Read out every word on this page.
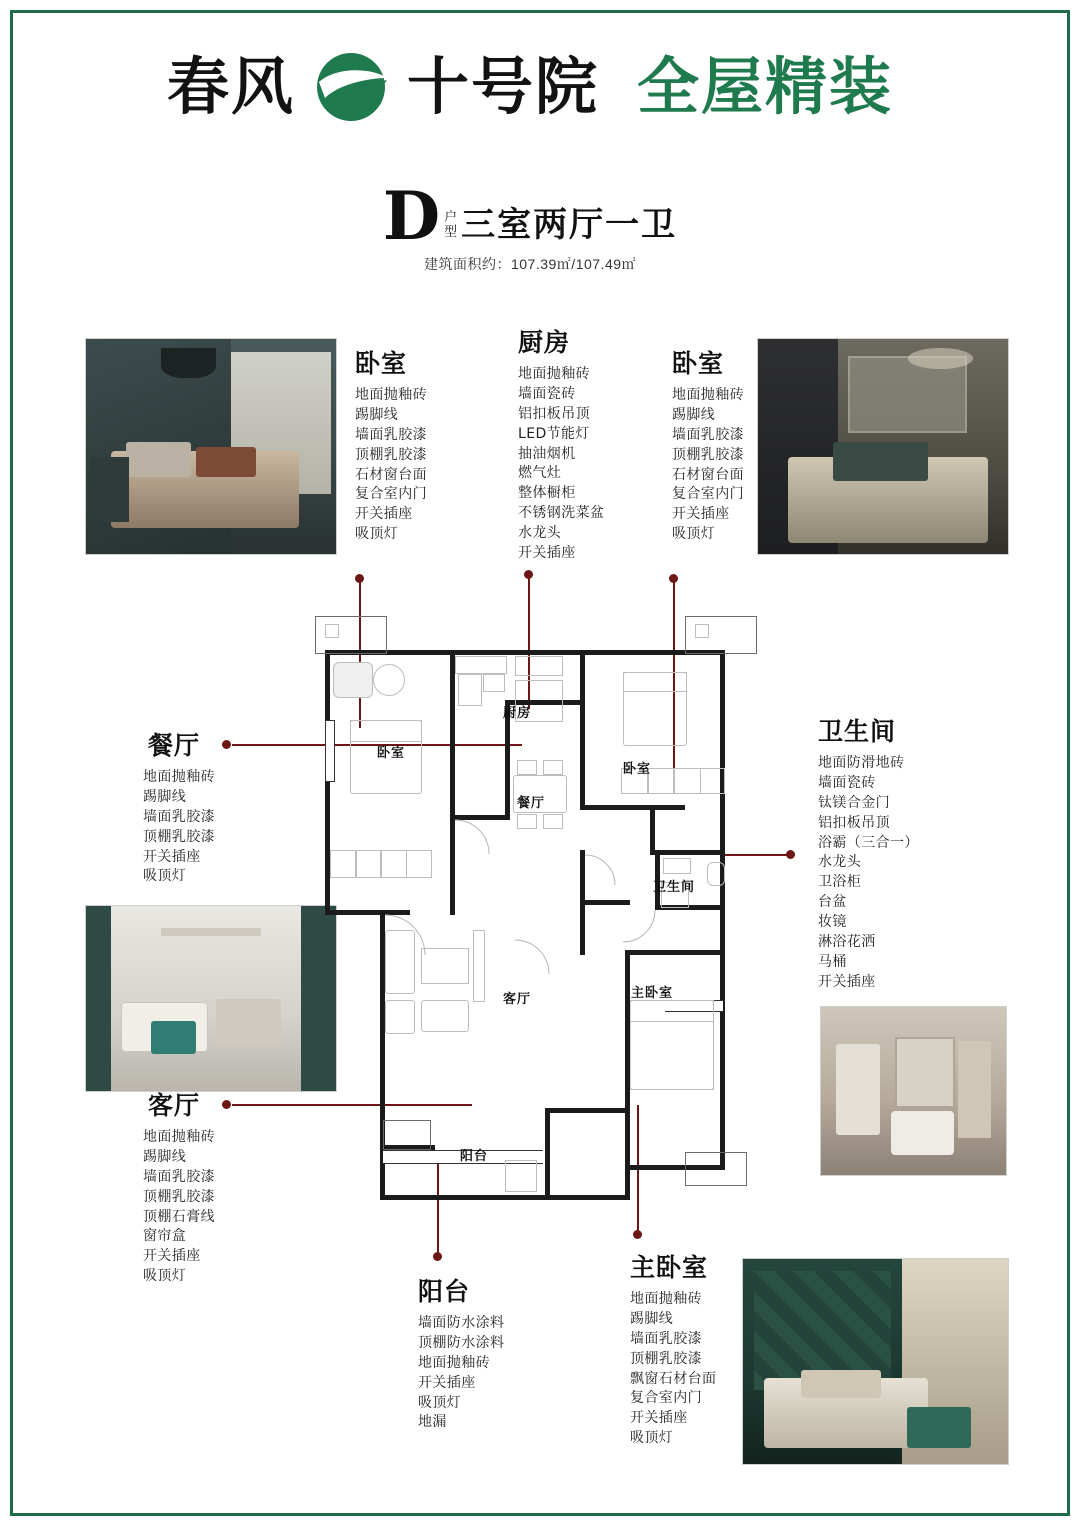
春风 十号院 全屋精装
D 户
型 三室两厅一卫
建筑面积约：107.39㎡/107.49㎡
卧室
地面抛釉砖
踢脚线
墙面乳胶漆
顶棚乳胶漆
石材窗台面
复合室内门
开关插座
吸顶灯
厨房
地面抛釉砖
墙面瓷砖
铝扣板吊顶
LED节能灯
抽油烟机
燃气灶
整体橱柜
不锈钢洗菜盆
水龙头
开关插座
卧室
地面抛釉砖
踢脚线
墙面乳胶漆
顶棚乳胶漆
石材窗台面
复合室内门
开关插座
吸顶灯
餐厅
地面抛釉砖
踢脚线
墙面乳胶漆
顶棚乳胶漆
开关插座
吸顶灯
卫生间
地面防滑地砖
墙面瓷砖
钛镁合金门
铝扣板吊顶
浴霸（三合一）
水龙头
卫浴柜
台盆
妆镜
淋浴花洒
马桶
开关插座
客厅
地面抛釉砖
踢脚线
墙面乳胶漆
顶棚乳胶漆
顶棚石膏线
窗帘盒
开关插座
吸顶灯
阳台
墙面防水涂料
顶棚防水涂料
地面抛釉砖
开关插座
吸顶灯
地漏
主卧室
地面抛釉砖
踢脚线
墙面乳胶漆
顶棚乳胶漆
飘窗石材台面
复合室内门
开关插座
吸顶灯
卧室
厨房
餐厅
卧室
卫生间
客厅	主卧室
阳台
